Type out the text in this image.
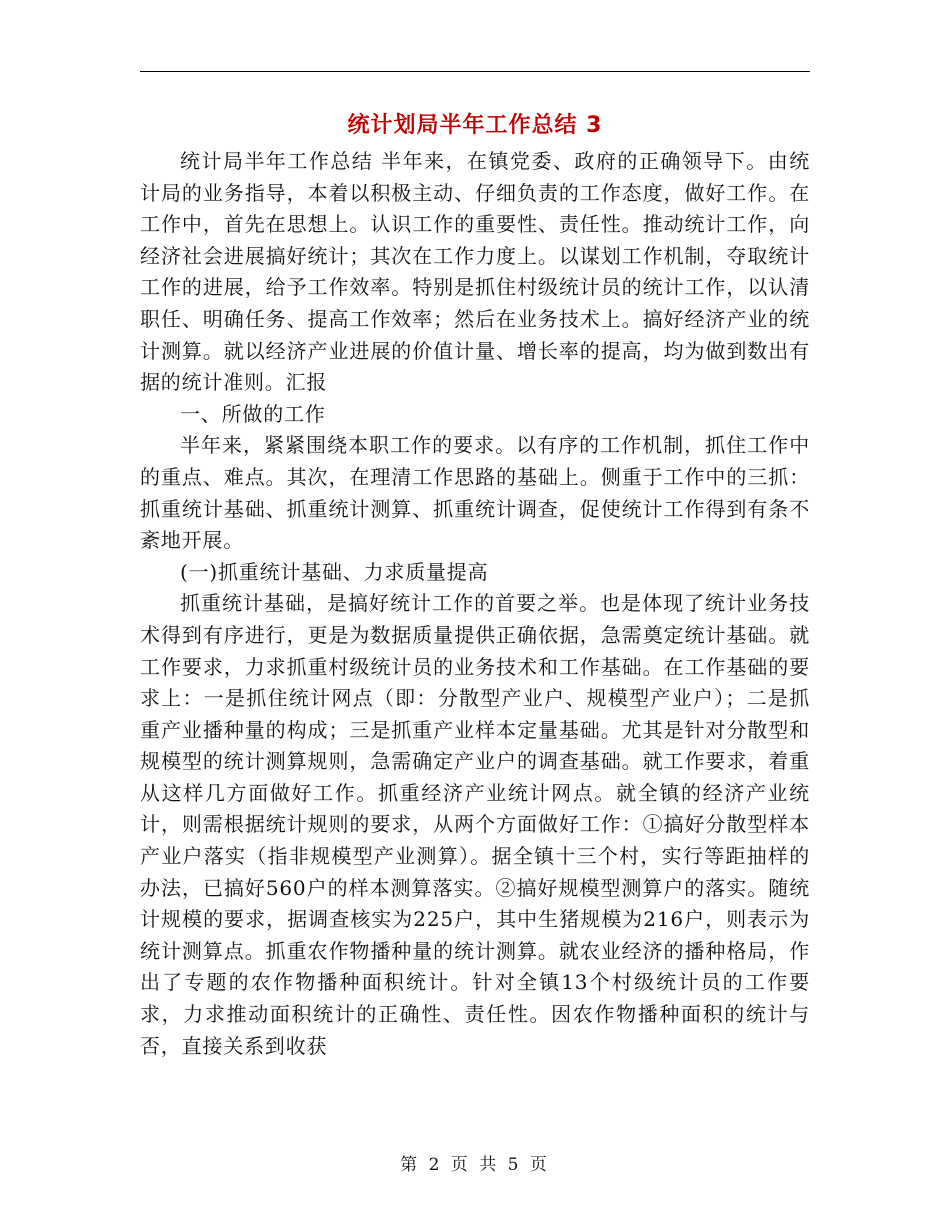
统计划局半年工作总结 3

统计局半年工作总结 半年来，在镇党委、政府的正确领导下。由统计局的业务指导，本着以积极主动、仔细负责的工作态度，做好工作。在工作中，首先在思想上。认识工作的重要性、责任性。推动统计工作，向经济社会进展搞好统计；其次在工作力度上。以谋划工作机制，夺取统计工作的进展，给予工作效率。特别是抓住村级统计员的统计工作，以认清职任、明确任务、提高工作效率；然后在业务技术上。搞好经济产业的统计测算。就以经济产业进展的价值计量、增长率的提高，均为做到数出有据的统计准则。汇报

一、所做的工作

半年来，紧紧围绕本职工作的要求。以有序的工作机制，抓住工作中的重点、难点。其次，在理清工作思路的基础上。侧重于工作中的三抓：抓重统计基础、抓重统计测算、抓重统计调查，促使统计工作得到有条不紊地开展。

(一)抓重统计基础、力求质量提高

抓重统计基础，是搞好统计工作的首要之举。也是体现了统计业务技术得到有序进行，更是为数据质量提供正确依据，急需奠定统计基础。就工作要求，力求抓重村级统计员的业务技术和工作基础。在工作基础的要求上：一是抓住统计网点（即：分散型产业户、规模型产业户）；二是抓重产业播种量的构成；三是抓重产业样本定量基础。尤其是针对分散型和规模型的统计测算规则，急需确定产业户的调查基础。就工作要求，着重从这样几方面做好工作。抓重经济产业统计网点。就全镇的经济产业统计，则需根据统计规则的要求，从两个方面做好工作：①搞好分散型样本产业户落实（指非规模型产业测算）。据全镇十三个村，实行等距抽样的办法，已搞好560户的样本测算落实。②搞好规模型测算户的落实。随统计规模的要求，据调查核实为225户，其中生猪规模为216户，则表示为统计测算点。抓重农作物播种量的统计测算。就农业经济的播种格局，作出了专题的农作物播种面积统计。针对全镇13个村级统计员的工作要求，力求推动面积统计的正确性、责任性。因农作物播种面积的统计与否，直接关系到收获

第 2 页 共 5 页
